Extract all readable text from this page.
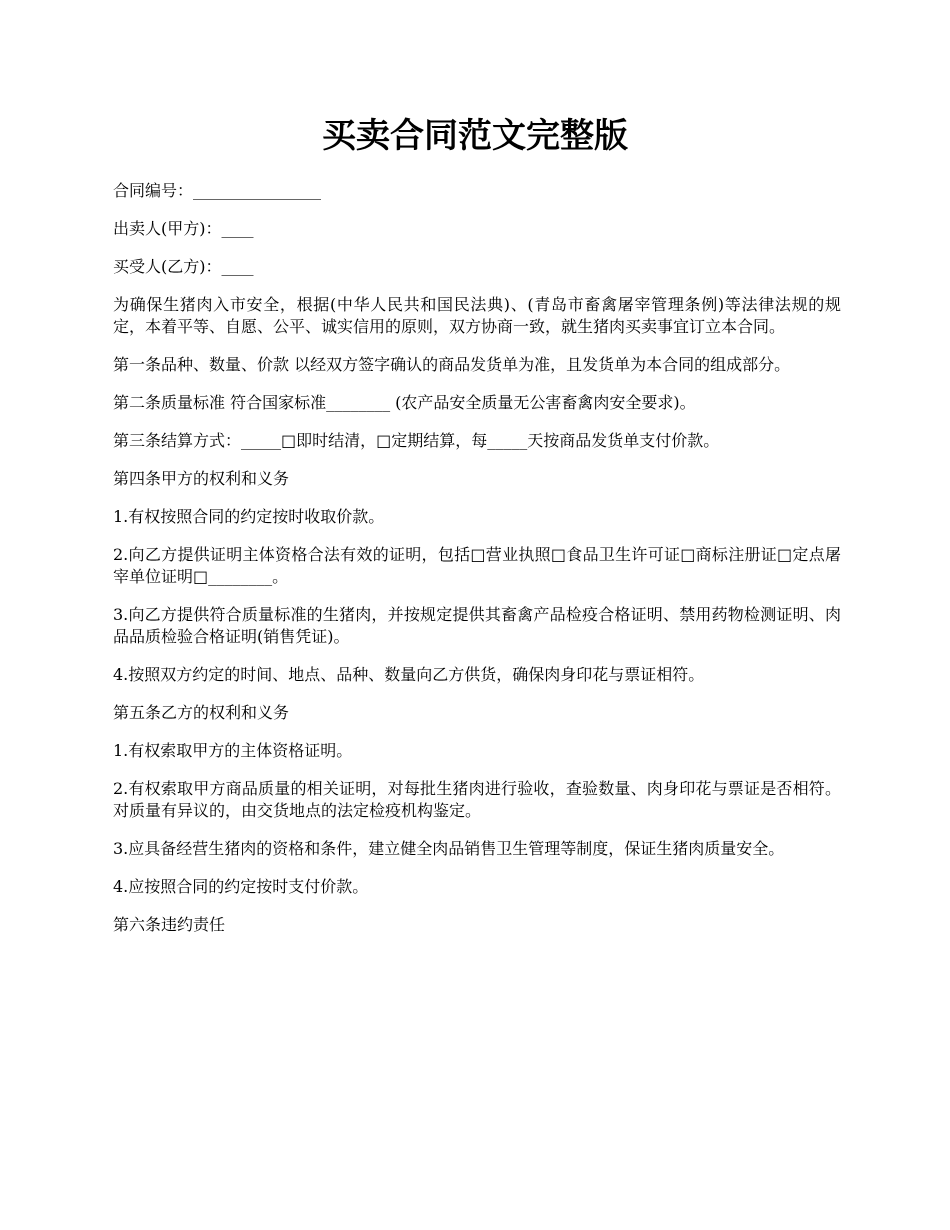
买卖合同范文完整版

合同编号：________________

出卖人(甲方)：____

买受人(乙方)：____

为确保生猪肉入市安全，根据(中华人民共和国民法典)、(青岛市畜禽屠宰管理条例)等法律法规的规定，本着平等、自愿、公平、诚实信用的原则，双方协商一致，就生猪肉买卖事宜订立本合同。

第一条品种、数量、价款 以经双方签字确认的商品发货单为准，且发货单为本合同的组成部分。

第二条质量标准 符合国家标准________ (农产品安全质量无公害畜禽肉安全要求)。

第三条结算方式：_____□即时结清，□定期结算，每_____天按商品发货单支付价款。

第四条甲方的权利和义务

1.有权按照合同的约定按时收取价款。

2.向乙方提供证明主体资格合法有效的证明，包括□营业执照□食品卫生许可证□商标注册证□定点屠宰单位证明□________。

3.向乙方提供符合质量标准的生猪肉，并按规定提供其畜禽产品检疫合格证明、禁用药物检测证明、肉品品质检验合格证明(销售凭证)。

4.按照双方约定的时间、地点、品种、数量向乙方供货，确保肉身印花与票证相符。

第五条乙方的权利和义务

1.有权索取甲方的主体资格证明。

2.有权索取甲方商品质量的相关证明，对每批生猪肉进行验收，查验数量、肉身印花与票证是否相符。对质量有异议的，由交货地点的法定检疫机构鉴定。

3.应具备经营生猪肉的资格和条件，建立健全肉品销售卫生管理等制度，保证生猪肉质量安全。

4.应按照合同的约定按时支付价款。

第六条违约责任
